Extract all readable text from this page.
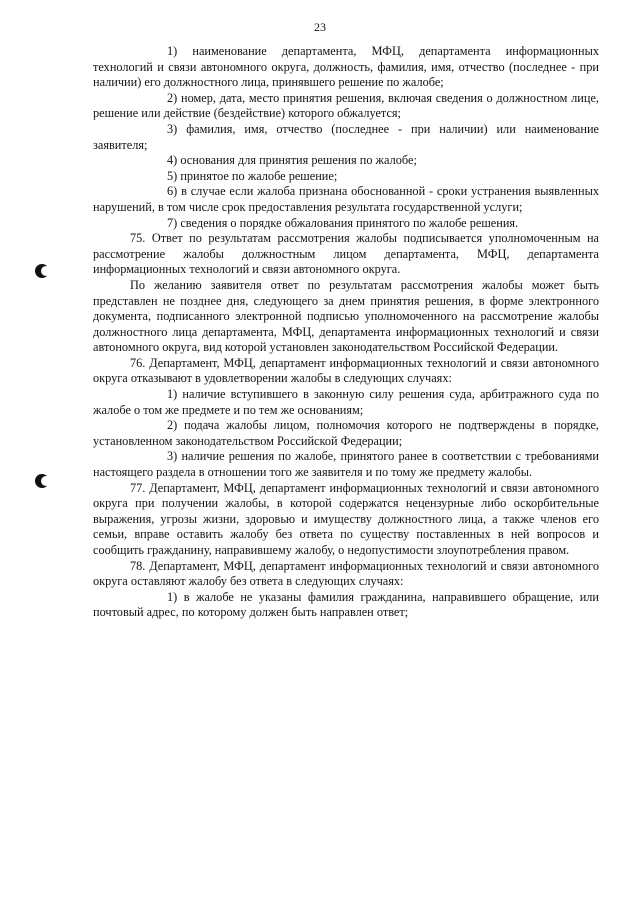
23

1) наименование департамента, МФЦ, департамента информационных технологий и связи автономного округа, должность, фамилия, имя, отчество (последнее - при наличии) его должностного лица, принявшего решение по жалобе;

2) номер, дата, место принятия решения, включая сведения о должностном лице, решение или действие (бездействие) которого обжалуется;

3) фамилия, имя, отчество (последнее - при наличии) или наименование заявителя;

4) основания для принятия решения по жалобе;

5) принятое по жалобе решение;

6) в случае если жалоба признана обоснованной - сроки устранения выявленных нарушений, в том числе срок предоставления результата государственной услуги;

7) сведения о порядке обжалования принятого по жалобе решения.

75. Ответ по результатам рассмотрения жалобы подписывается уполномоченным на рассмотрение жалобы должностным лицом департамента, МФЦ, департамента информационных технологий и связи автономного округа.

По желанию заявителя ответ по результатам рассмотрения жалобы может быть представлен не позднее дня, следующего за днем принятия решения, в форме электронного документа, подписанного электронной подписью уполномоченного на рассмотрение жалобы должностного лица департамента, МФЦ, департамента информационных технологий и связи автономного округа, вид которой установлен законодательством Российской Федерации.

76. Департамент, МФЦ, департамент информационных технологий и связи автономного округа отказывают в удовлетворении жалобы в следующих случаях:

1) наличие вступившего в законную силу решения суда, арбитражного суда по жалобе о том же предмете и по тем же основаниям;

2) подача жалобы лицом, полномочия которого не подтверждены в порядке, установленном законодательством Российской Федерации;

3) наличие решения по жалобе, принятого ранее в соответствии с требованиями настоящего раздела в отношении того же заявителя и по тому же предмету жалобы.

77. Департамент, МФЦ, департамент информационных технологий и связи автономного округа при получении жалобы, в которой содержатся нецензурные либо оскорбительные выражения, угрозы жизни, здоровью и имуществу должностного лица, а также членов его семьи, вправе оставить жалобу без ответа по существу поставленных в ней вопросов и сообщить гражданину, направившему жалобу, о недопустимости злоупотребления правом.

78. Департамент, МФЦ, департамент информационных технологий и связи автономного округа оставляют жалобу без ответа в следующих случаях:

1) в жалобе не указаны фамилия гражданина, направившего обращение, или почтовый адрес, по которому должен быть направлен ответ;
